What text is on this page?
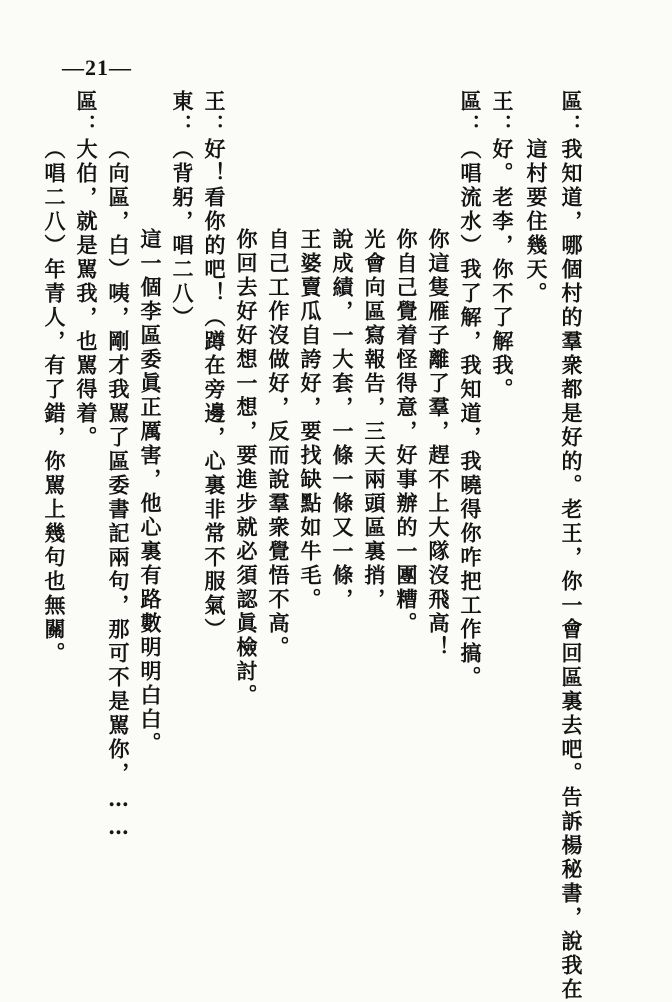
—21—
區：我知道，哪個村的羣衆都是好的。老王，你一會回區裏去吧。告訴楊秘書，說我在
這村要住幾天。
王：好。老李，你不了解我。
區：（唱流水）我了解，我知道，我曉得你咋把工作搞。
你這隻雁子離了羣，趕不上大隊沒飛高！
你自己覺着怪得意，好事辦的一團糟。
光會向區寫報告，三天兩頭區裏捎，
說成績，一大套，一條一條又一條，
王婆賣瓜自誇好，要找缺點如牛毛。
自己工作沒做好，反而說羣衆覺悟不高。
你回去好好想一想，要進步就必須認眞檢討。
王：好！看你的吧！（蹲在旁邊，心裏非常不服氣）
東：（背躬，唱二八）
這一個李區委眞正厲害，他心裏有路數明明白白。
（向區，白）咦，剛才我駡了區委書記兩句，那可不是駡你，……
區：大伯，就是駡我，也駡得着。
（唱二八）年青人，有了錯，你駡上幾句也無關。
